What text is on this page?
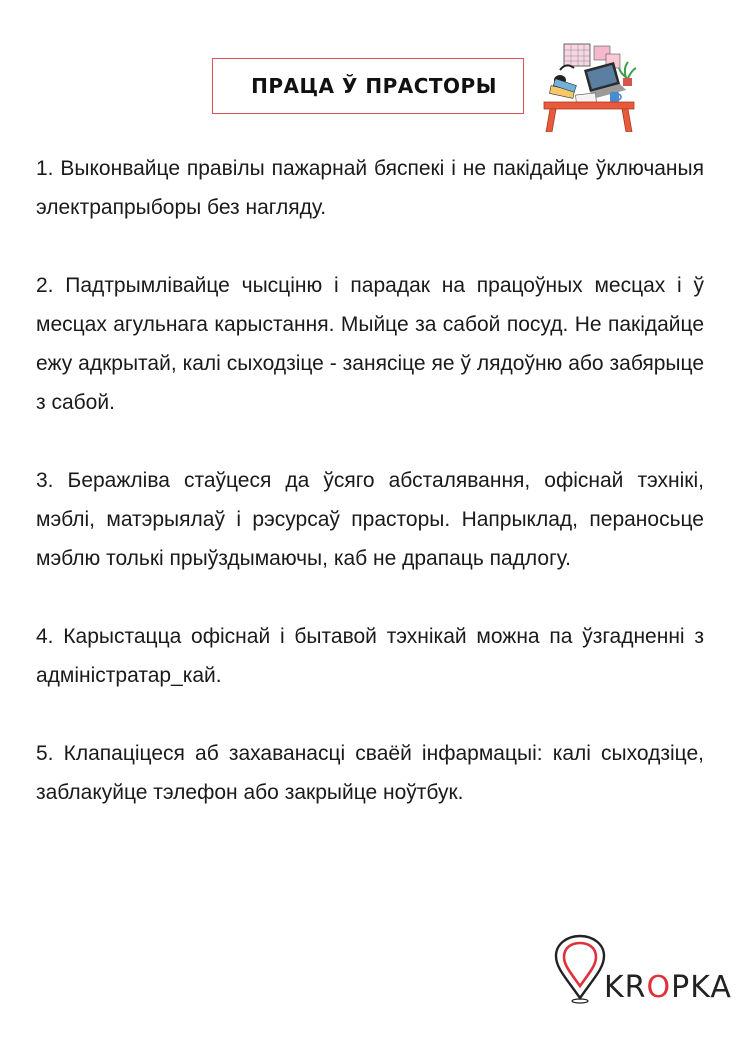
ПРАЦА Ў ПРАСТОРЫ

1. Выконвайце правілы пажарнай бяспекі і не пакідайце ўключаныя электрапрыборы без нагляду.

2. Падтрымлівайце чысціню і парадак на працоўных месцах і ў месцах агульнага карыстання. Мыйце за сабой посуд. Не пакідайце ежу адкрытай, калі сыходзіце - занясіце яе ў лядоўню або забярыце з сабой.

3. Беражліва стаўцеся да ўсяго абсталявання, офіснай тэхнікі, мэблі, матэрыялаў і рэсурсаў прасторы. Напрыклад, пераносьце мэблю толькі прыўздымаючы, каб не драпаць падлогу.

4. Карыстацца офіснай і бытавой тэхнікай можна па ўзгадненні з адміністратар_кай.

5. Клапаціцеся аб захаванасці сваёй інфармацыі: калі сыходзіце, заблакуйце тэлефон або закрыйце ноўтбук.

KROPKA
